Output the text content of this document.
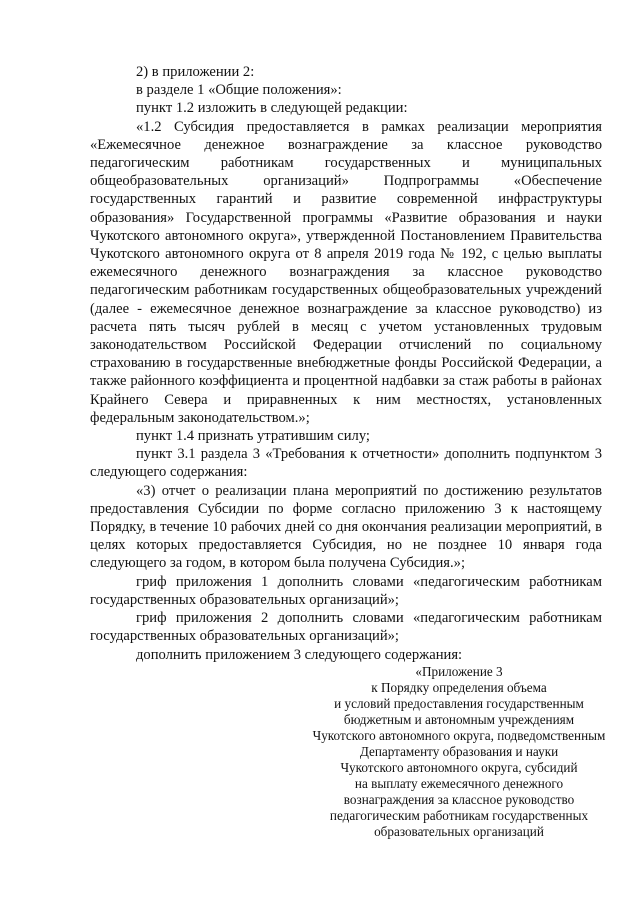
2) в приложении 2:

в разделе 1 «Общие положения»:

пункт 1.2 изложить в следующей редакции:

«1.2 Субсидия предоставляется в рамках реализации мероприятия «Ежемесячное денежное вознаграждение за классное руководство педагогическим работникам государственных и муниципальных общеобразовательных организаций» Подпрограммы «Обеспечение государственных гарантий и развитие современной инфраструктуры образования» Государственной программы «Развитие образования и науки Чукотского автономного округа», утвержденной Постановлением Правительства Чукотского автономного округа от 8 апреля 2019 года № 192, с целью выплаты ежемесячного денежного вознаграждения за классное руководство педагогическим работникам государственных общеобразовательных учреждений (далее - ежемесячное денежное вознаграждение за классное руководство) из расчета пять тысяч рублей в месяц с учетом установленных трудовым законодательством Российской Федерации отчислений по социальному страхованию в государственные внебюджетные фонды Российской Федерации, а также районного коэффициента и процентной надбавки за стаж работы в районах Крайнего Севера и приравненных к ним местностях, установленных федеральным законодательством.»;

пункт 1.4 признать утратившим силу;

пункт 3.1 раздела 3 «Требования к отчетности» дополнить подпунктом 3 следующего содержания:

«3) отчет о реализации плана мероприятий по достижению результатов предоставления Субсидии по форме согласно приложению 3 к настоящему Порядку, в течение 10 рабочих дней со дня окончания реализации мероприятий, в целях которых предоставляется Субсидия, но не позднее 10 января года следующего за годом, в котором была получена Субсидия.»;

гриф приложения 1 дополнить словами «педагогическим работникам государственных образовательных организаций»;

гриф приложения 2 дополнить словами «педагогическим работникам государственных образовательных организаций»;

дополнить приложением 3 следующего содержания:

«Приложение 3
к Порядку определения объема
и условий предоставления государственным
бюджетным и автономным учреждениям
Чукотского автономного округа, подведомственным
Департаменту образования и науки
Чукотского автономного округа, субсидий
на выплату ежемесячного денежного
вознаграждения за классное руководство
педагогическим работникам государственных
образовательных организаций
